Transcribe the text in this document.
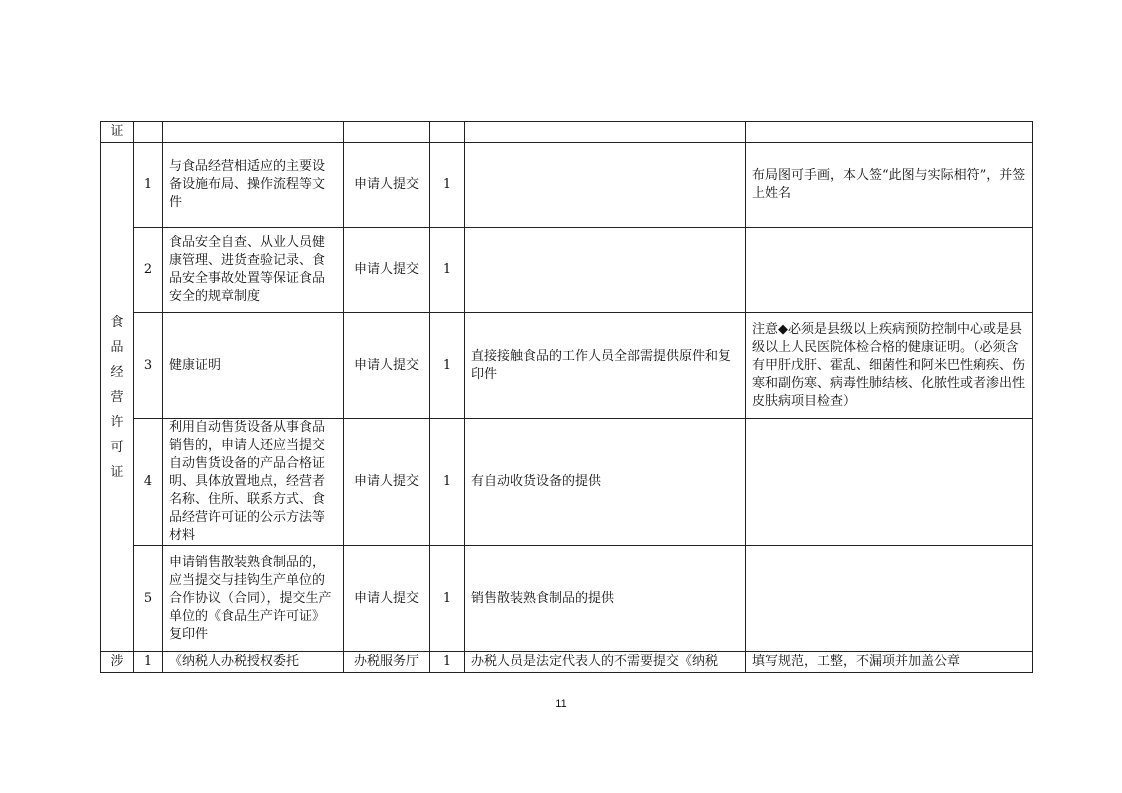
证						
食品经营许可证	1	与食品经营相适应的主要设备设施布局、操作流程等文件	申请人提交	1		布局图可手画，本人签“此图与实际相符”，并签上姓名
	2	食品安全自查、从业人员健康管理、进货查验记录、食品安全事故处置等保证食品安全的规章制度	申请人提交	1		
	3	健康证明	申请人提交	1	直接接触食品的工作人员全部需提供原件和复印件	注意◆必须是县级以上疾病预防控制中心或是县级以上人民医院体检合格的健康证明。（必须含有甲肝戊肝、霍乱、细菌性和阿米巴性痢疾、伤寒和副伤寒、病毒性肺结核、化脓性或者渗出性皮肤病项目检查）
	4	利用自动售货设备从事食品销售的，申请人还应当提交自动售货设备的产品合格证明、具体放置地点，经营者名称、住所、联系方式、食品经营许可证的公示方法等材料	申请人提交	1	有自动收货设备的提供	
	5	申请销售散装熟食制品的，应当提交与挂钩生产单位的合作协议（合同），提交生产单位的《食品生产许可证》复印件	申请人提交	1	销售散装熟食制品的提供	
涉	1	《纳税人办税授权委托	办税服务厅	1	办税人员是法定代表人的不需要提交《纳税	填写规范，工整，不漏项并加盖公章
11
